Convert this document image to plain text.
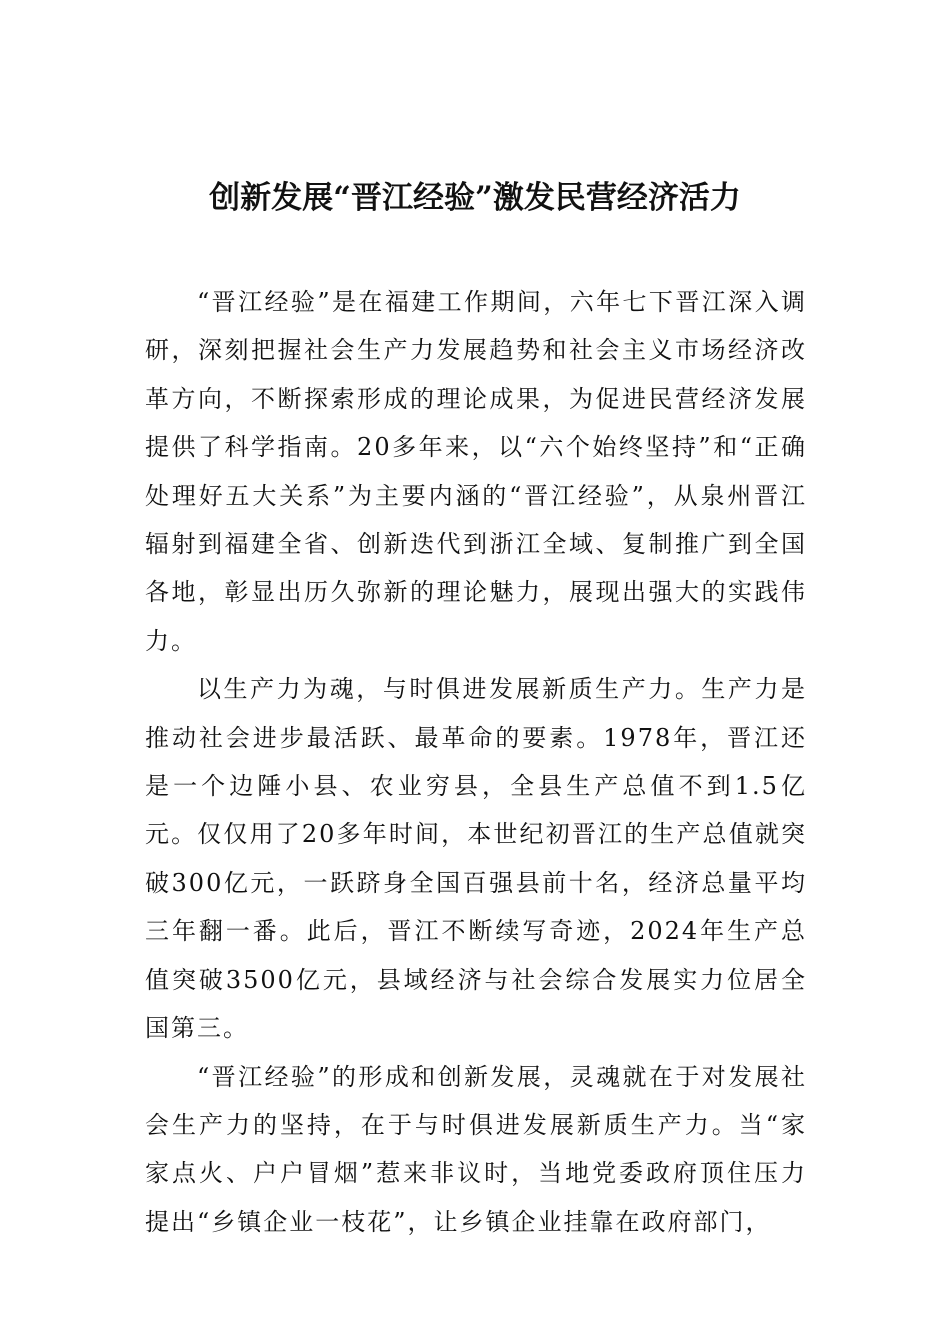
创新发展“晋江经验”激发民营经济活力

“晋江经验”是在福建工作期间，六年七下晋江深入调研，深刻把握社会生产力发展趋势和社会主义市场经济改革方向，不断探索形成的理论成果，为促进民营经济发展提供了科学指南。20多年来，以“六个始终坚持”和“正确处理好五大关系”为主要内涵的“晋江经验”，从泉州晋江辐射到福建全省、创新迭代到浙江全域、复制推广到全国各地，彰显出历久弥新的理论魅力，展现出强大的实践伟力。

以生产力为魂，与时俱进发展新质生产力。生产力是推动社会进步最活跃、最革命的要素。1978年，晋江还是一个边陲小县、农业穷县，全县生产总值不到1.5亿元。仅仅用了20多年时间，本世纪初晋江的生产总值就突破300亿元，一跃跻身全国百强县前十名，经济总量平均三年翻一番。此后，晋江不断续写奇迹，2024年生产总值突破3500亿元，县域经济与社会综合发展实力位居全国第三。

“晋江经验”的形成和创新发展，灵魂就在于对发展社会生产力的坚持，在于与时俱进发展新质生产力。当“家家点火、户户冒烟”惹来非议时，当地党委政府顶住压力提出“乡镇企业一枝花”，让乡镇企业挂靠在政府部门，
